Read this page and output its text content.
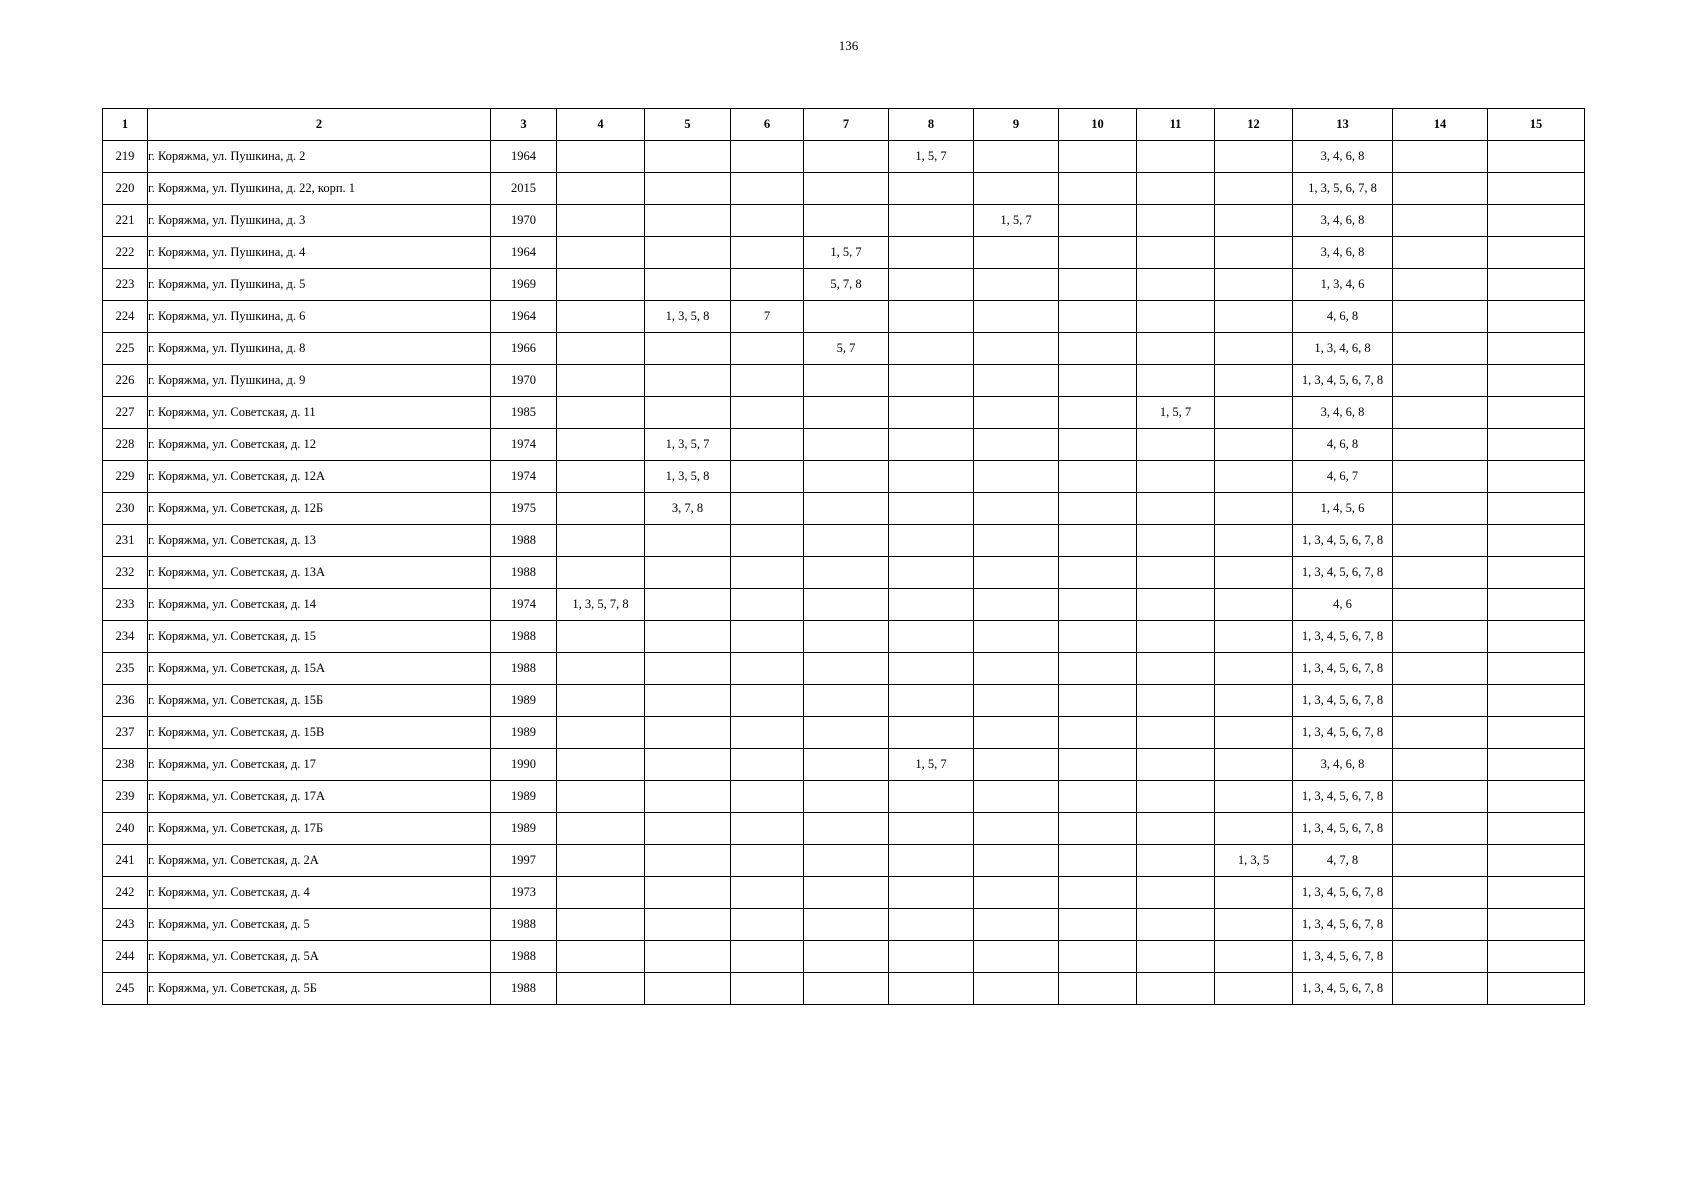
136
1	2	3	4	5	6	7	8	9	10	11	12	13	14	15
219	г. Коряжма, ул. Пушкина, д. 2	1964					1, 5, 7					3, 4, 6, 8		
220	г. Коряжма, ул. Пушкина, д. 22, корп. 1	2015										1, 3, 5, 6, 7, 8		
221	г. Коряжма, ул. Пушкина, д. 3	1970						1, 5, 7				3, 4, 6, 8		
222	г. Коряжма, ул. Пушкина, д. 4	1964				1, 5, 7						3, 4, 6, 8		
223	г. Коряжма, ул. Пушкина, д. 5	1969				5, 7, 8						1, 3, 4, 6		
224	г. Коряжма, ул. Пушкина, д. 6	1964		1, 3, 5, 8	7							4, 6, 8		
225	г. Коряжма, ул. Пушкина, д. 8	1966				5, 7						1, 3, 4, 6, 8		
226	г. Коряжма, ул. Пушкина, д. 9	1970										1, 3, 4, 5, 6, 7, 8		
227	г. Коряжма, ул. Советская, д. 11	1985								1, 5, 7		3, 4, 6, 8		
228	г. Коряжма, ул. Советская, д. 12	1974		1, 3, 5, 7								4, 6, 8		
229	г. Коряжма, ул. Советская, д. 12А	1974		1, 3, 5, 8								4, 6, 7		
230	г. Коряжма, ул. Советская, д. 12Б	1975		3, 7, 8								1, 4, 5, 6		
231	г. Коряжма, ул. Советская, д. 13	1988										1, 3, 4, 5, 6, 7, 8		
232	г. Коряжма, ул. Советская, д. 13А	1988										1, 3, 4, 5, 6, 7, 8		
233	г. Коряжма, ул. Советская, д. 14	1974	1, 3, 5, 7, 8									4, 6		
234	г. Коряжма, ул. Советская, д. 15	1988										1, 3, 4, 5, 6, 7, 8		
235	г. Коряжма, ул. Советская, д. 15А	1988										1, 3, 4, 5, 6, 7, 8		
236	г. Коряжма, ул. Советская, д. 15Б	1989										1, 3, 4, 5, 6, 7, 8		
237	г. Коряжма, ул. Советская, д. 15В	1989										1, 3, 4, 5, 6, 7, 8		
238	г. Коряжма, ул. Советская, д. 17	1990					1, 5, 7					3, 4, 6, 8		
239	г. Коряжма, ул. Советская, д. 17А	1989										1, 3, 4, 5, 6, 7, 8		
240	г. Коряжма, ул. Советская, д. 17Б	1989										1, 3, 4, 5, 6, 7, 8		
241	г. Коряжма, ул. Советская, д. 2А	1997									1, 3, 5	4, 7, 8		
242	г. Коряжма, ул. Советская, д. 4	1973										1, 3, 4, 5, 6, 7, 8		
243	г. Коряжма, ул. Советская, д. 5	1988										1, 3, 4, 5, 6, 7, 8		
244	г. Коряжма, ул. Советская, д. 5А	1988										1, 3, 4, 5, 6, 7, 8		
245	г. Коряжма, ул. Советская, д. 5Б	1988										1, 3, 4, 5, 6, 7, 8		
